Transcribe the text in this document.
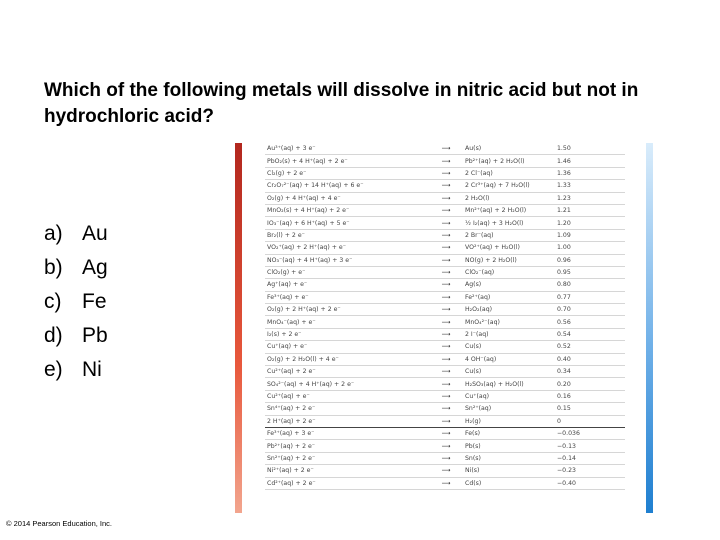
Which of the following metals will dissolve in nitric acid but not in hydrochloric acid?
a) Au
b) Ag
c) Fe
d) Pb
e) Ni
Au³⁺(aq) + 3 e⁻	⟶	Au(s)	1.50
PbO₂(s) + 4 H⁺(aq) + 2 e⁻	⟶	Pb²⁺(aq) + 2 H₂O(l)	1.46
Cl₂(g) + 2 e⁻	⟶	2 Cl⁻(aq)	1.36
Cr₂O₇²⁻(aq) + 14 H⁺(aq) + 6 e⁻	⟶	2 Cr³⁺(aq) + 7 H₂O(l)	1.33
O₂(g) + 4 H⁺(aq) + 4 e⁻	⟶	2 H₂O(l)	1.23
MnO₂(s) + 4 H⁺(aq) + 2 e⁻	⟶	Mn²⁺(aq) + 2 H₂O(l)	1.21
IO₃⁻(aq) + 6 H⁺(aq) + 5 e⁻	⟶	½ I₂(aq) + 3 H₂O(l)	1.20
Br₂(l) + 2 e⁻	⟶	2 Br⁻(aq)	1.09
VO₂⁺(aq) + 2 H⁺(aq) + e⁻	⟶	VO²⁺(aq) + H₂O(l)	1.00
NO₃⁻(aq) + 4 H⁺(aq) + 3 e⁻	⟶	NO(g) + 2 H₂O(l)	0.96
ClO₂(g) + e⁻	⟶	ClO₂⁻(aq)	0.95
Ag⁺(aq) + e⁻	⟶	Ag(s)	0.80
Fe³⁺(aq) + e⁻	⟶	Fe²⁺(aq)	0.77
O₂(g) + 2 H⁺(aq) + 2 e⁻	⟶	H₂O₂(aq)	0.70
MnO₄⁻(aq) + e⁻	⟶	MnO₄²⁻(aq)	0.56
I₂(s) + 2 e⁻	⟶	2 I⁻(aq)	0.54
Cu⁺(aq) + e⁻	⟶	Cu(s)	0.52
O₂(g) + 2 H₂O(l) + 4 e⁻	⟶	4 OH⁻(aq)	0.40
Cu²⁺(aq) + 2 e⁻	⟶	Cu(s)	0.34
SO₄²⁻(aq) + 4 H⁺(aq) + 2 e⁻	⟶	H₂SO₃(aq) + H₂O(l)	0.20
Cu²⁺(aq) + e⁻	⟶	Cu⁺(aq)	0.16
Sn⁴⁺(aq) + 2 e⁻	⟶	Sn²⁺(aq)	0.15
2 H⁺(aq) + 2 e⁻	⟶	H₂(g)	0
Fe³⁺(aq) + 3 e⁻	⟶	Fe(s)	−0.036
Pb²⁺(aq) + 2 e⁻	⟶	Pb(s)	−0.13
Sn²⁺(aq) + 2 e⁻	⟶	Sn(s)	−0.14
Ni²⁺(aq) + 2 e⁻	⟶	Ni(s)	−0.23
Cd²⁺(aq) + 2 e⁻	⟶	Cd(s)	−0.40
© 2014 Pearson Education, Inc.
